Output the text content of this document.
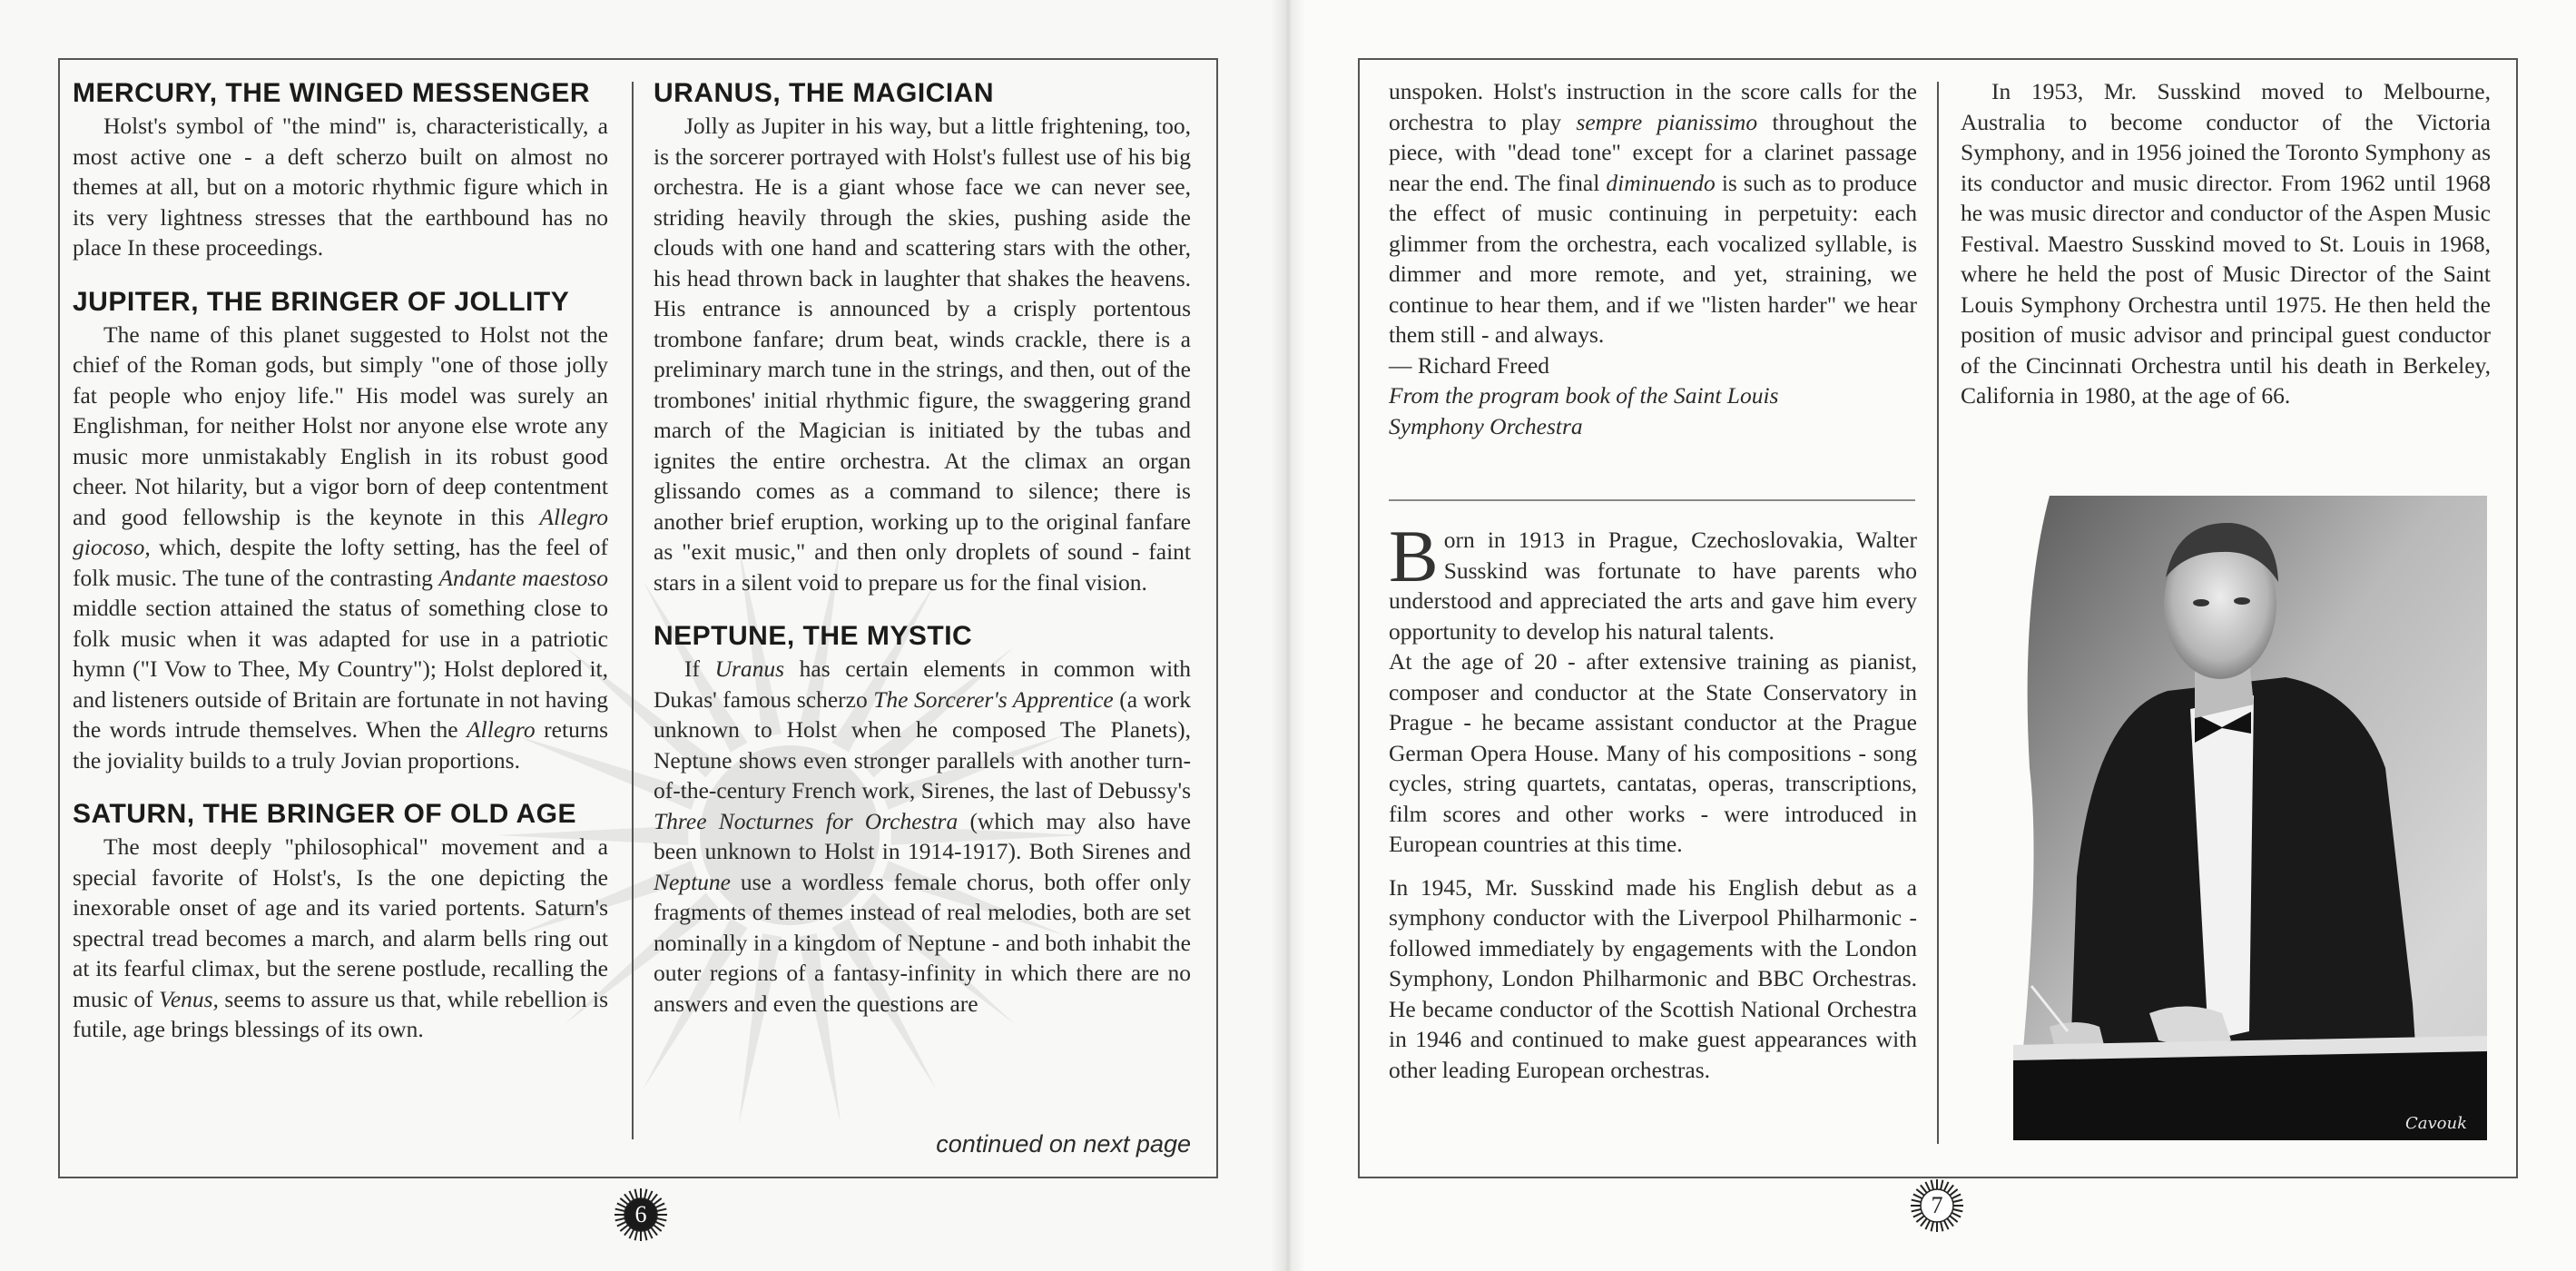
MERCURY, THE WINGED MESSENGER

Holst's symbol of "the mind" is, characteristically, a most active one - a deft scherzo built on almost no themes at all, but on a motoric rhythmic figure which in its very lightness stresses that the earthbound has no place In these proceedings.

JUPITER, THE BRINGER OF JOLLITY

The name of this planet suggested to Holst not the chief of the Roman gods, but simply "one of those jolly fat people who enjoy life." His model was surely an Englishman, for neither Holst nor anyone else wrote any music more unmistakably English in its robust good cheer. Not hilarity, but a vigor born of deep contentment and good fellowship is the keynote in this Allegro giocoso, which, despite the lofty setting, has the feel of folk music. The tune of the contrasting Andante maestoso middle section attained the status of something close to folk music when it was adapted for use in a patriotic hymn ("I Vow to Thee, My Country"); Holst deplored it, and listeners outside of Britain are fortunate in not having the words intrude themselves. When the Allegro returns the joviality builds to a truly Jovian proportions.

SATURN, THE BRINGER OF OLD AGE

The most deeply "philosophical" movement and a special favorite of Holst's, Is the one depicting the inexorable onset of age and its varied portents. Saturn's spectral tread becomes a march, and alarm bells ring out at its fearful climax, but the serene postlude, recalling the music of Venus, seems to assure us that, while rebellion is futile, age brings blessings of its own.

URANUS, THE MAGICIAN

Jolly as Jupiter in his way, but a little frightening, too, is the sorcerer portrayed with Holst's fullest use of his big orchestra. He is a giant whose face we can never see, striding heavily through the skies, pushing aside the clouds with one hand and scattering stars with the other, his head thrown back in laughter that shakes the heavens. His entrance is announced by a crisply portentous trombone fanfare; drum beat, winds crackle, there is a preliminary march tune in the strings, and then, out of the trombones' initial rhythmic figure, the swaggering grand march of the Magician is initiated by the tubas and ignites the entire orchestra. At the climax an organ glissando comes as a command to silence; there is another brief eruption, working up to the original fanfare as "exit music," and then only droplets of sound - faint stars in a silent void to prepare us for the final vision.

NEPTUNE, THE MYSTIC

If Uranus has certain elements in common with Dukas' famous scherzo The Sorcerer's Apprentice (a work unknown to Holst when he composed The Planets), Neptune shows even stronger parallels with another turn-of-the-century French work, Sirenes, the last of Debussy's Three Nocturnes for Orchestra (which may also have been unknown to Holst in 1914-1917). Both Sirenes and Neptune use a wordless female chorus, both offer only fragments of themes instead of real melodies, both are set nominally in a kingdom of Neptune - and both inhabit the outer regions of a fantasy-infinity in which there are no answers and even the questions are

continued on next page
6

unspoken. Holst's instruction in the score calls for the orchestra to play sempre pianissimo throughout the piece, with "dead tone" except for a clarinet passage near the end. The final diminuendo is such as to produce the effect of music continuing in perpetuity: each glimmer from the orchestra, each vocalized syllable, is dimmer and more remote, and yet, straining, we continue to hear them, and if we "listen harder" we hear them still - and always.

— Richard Freed

From the program book of the Saint Louis Symphony Orchestra

Born in 1913 in Prague, Czechoslovakia, Walter Susskind was fortunate to have parents who understood and appreciated the arts and gave him every opportunity to develop his natural talents.

At the age of 20 - after extensive training as pianist, composer and conductor at the State Conservatory in Prague - he became assistant conductor at the Prague German Opera House. Many of his compositions - song cycles, string quartets, cantatas, operas, transcriptions, film scores and other works - were introduced in European countries at this time.

In 1945, Mr. Susskind made his English debut as a symphony conductor with the Liverpool Philharmonic - followed immediately by engagements with the London Symphony, London Philharmonic and BBC Orchestras. He became conductor of the Scottish National Orchestra in 1946 and continued to make guest appearances with other leading European orchestras.

In 1953, Mr. Susskind moved to Melbourne, Australia to become conductor of the Victoria Symphony, and in 1956 joined the Toronto Symphony as its conductor and music director. From 1962 until 1968 he was music director and conductor of the Aspen Music Festival. Maestro Susskind moved to St. Louis in 1968, where he held the post of Music Director of the Saint Louis Symphony Orchestra until 1975. He then held the position of music advisor and principal guest conductor of the Cincinnati Orchestra until his death in Berkeley, California in 1980, at the age of 66.

Cavouk
7
